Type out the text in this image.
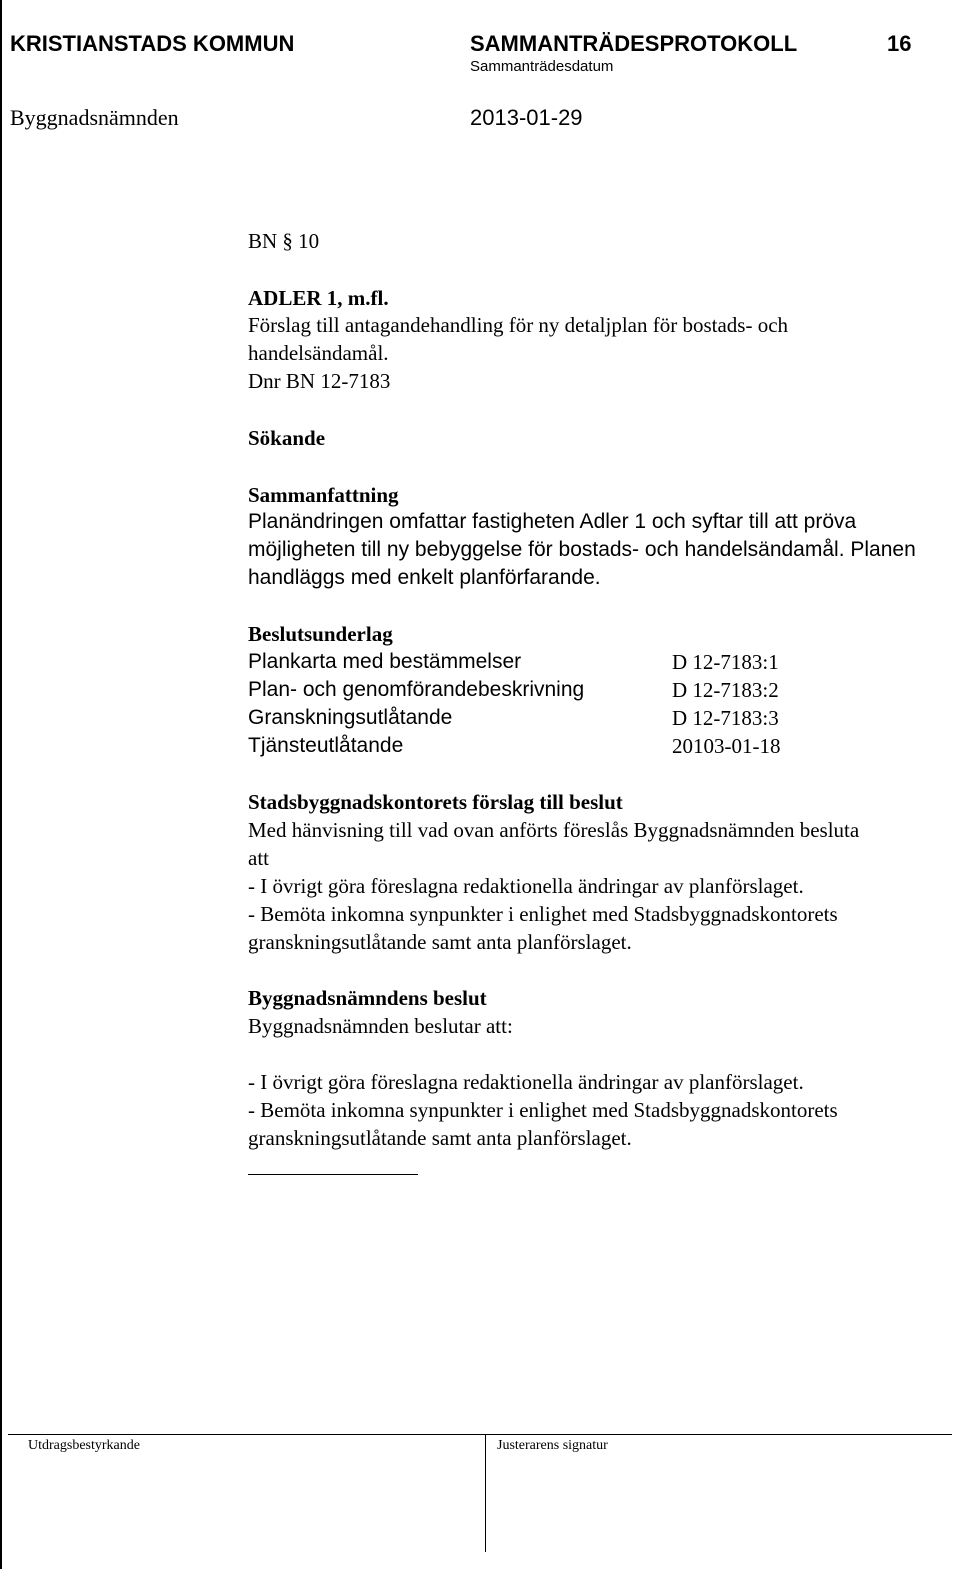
KRISTIANSTADS KOMMUN	SAMMANTRÄDESPROTOKOLL	16
Sammanträdesdatum
Byggnadsnämnden	2013-01-29
BN § 10
ADLER 1, m.fl.
Förslag till antagandehandling för ny detaljplan för bostads- och
handelsändamål.
Dnr BN 12-7183
Sökande
Sammanfattning
Planändringen omfattar fastigheten Adler 1 och syftar till att pröva
möjligheten till ny bebyggelse för bostads- och handelsändamål. Planen
handläggs med enkelt planförfarande.
Beslutsunderlag
Plankarta med bestämmelser	D 12-7183:1
Plan- och genomförandebeskrivning	D 12-7183:2
Granskningsutlåtande	D 12-7183:3
Tjänsteutlåtande	20103-01-18
Stadsbyggnadskontorets förslag till beslut
Med hänvisning till vad ovan anförts föreslås Byggnadsnämnden besluta
att
- I övrigt göra föreslagna redaktionella ändringar av planförslaget.
- Bemöta inkomna synpunkter i enlighet med Stadsbyggnadskontorets
granskningsutlåtande samt anta planförslaget.
Byggnadsnämndens beslut
Byggnadsnämnden beslutar att:
- I övrigt göra föreslagna redaktionella ändringar av planförslaget.
- Bemöta inkomna synpunkter i enlighet med Stadsbyggnadskontorets
granskningsutlåtande samt anta planförslaget.
Utdragsbestyrkande	Justerarens signatur
